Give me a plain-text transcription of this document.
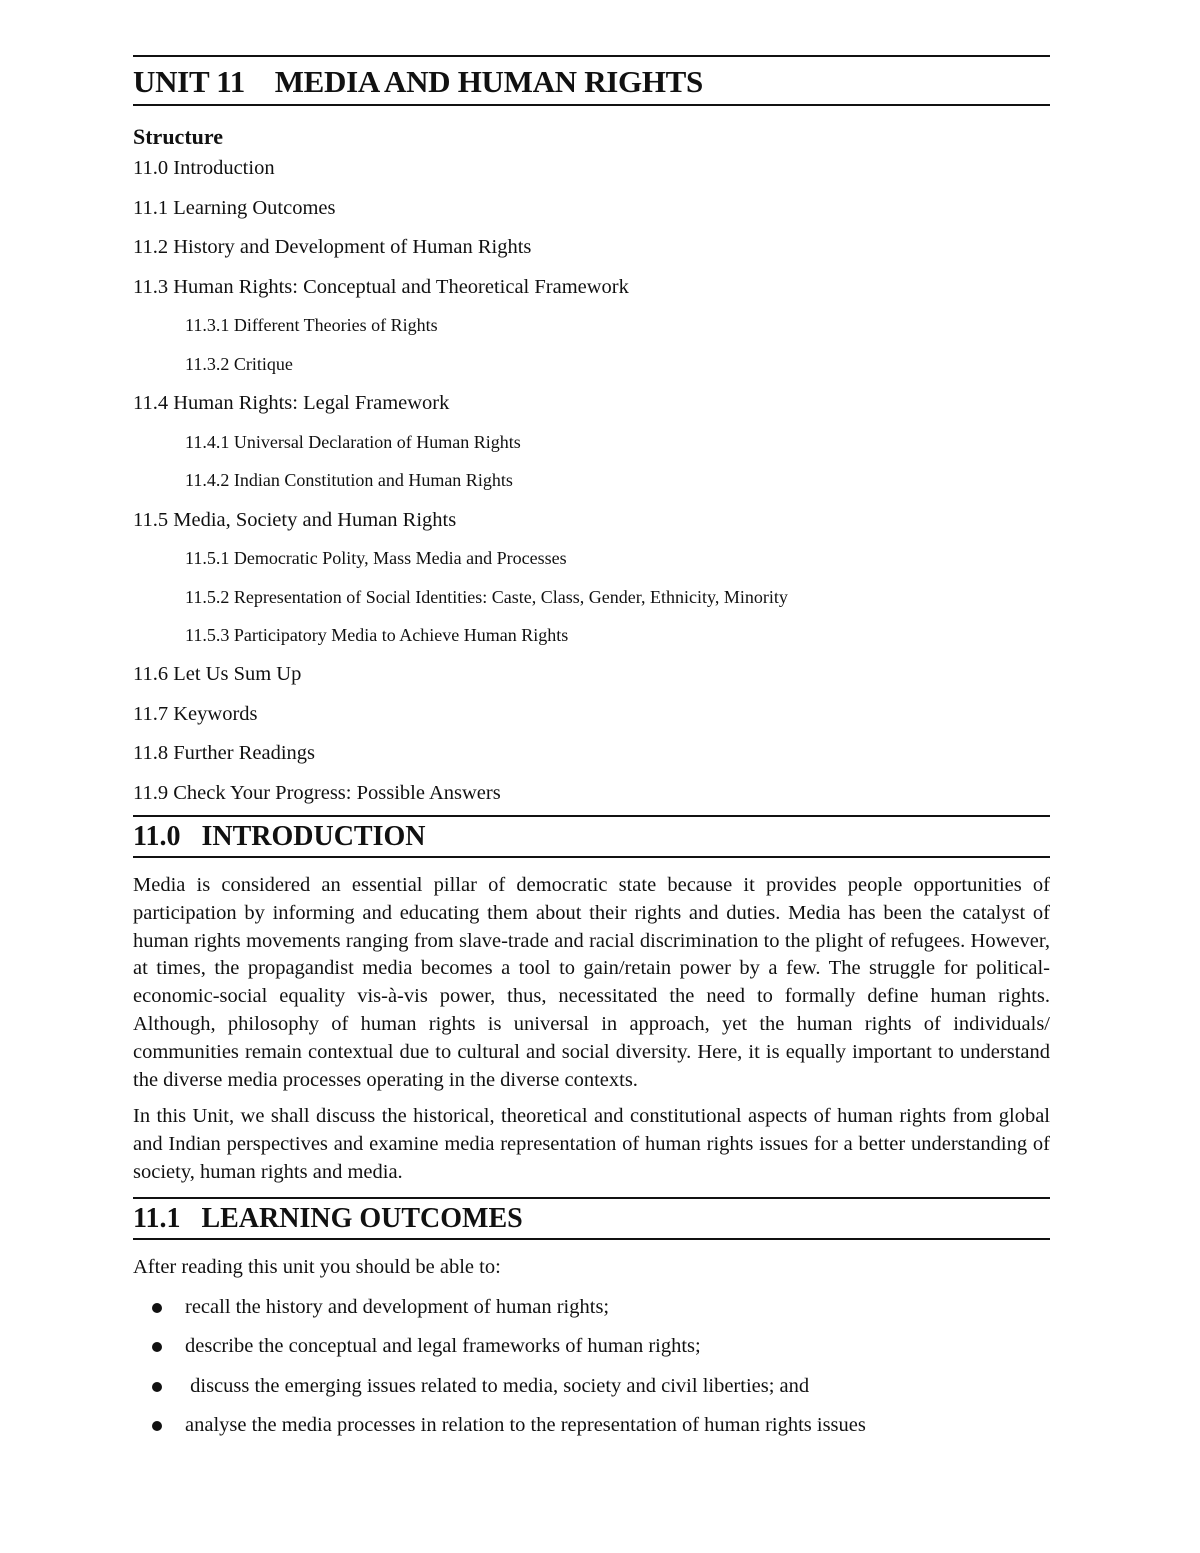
UNIT 11    MEDIA AND HUMAN RIGHTS
Structure
11.0 Introduction
11.1 Learning Outcomes
11.2 History and Development of Human Rights
11.3 Human Rights: Conceptual and Theoretical Framework
11.3.1 Different Theories of Rights
11.3.2 Critique
11.4 Human Rights: Legal Framework
11.4.1 Universal Declaration of Human Rights
11.4.2 Indian Constitution and Human Rights
11.5 Media, Society and Human Rights
11.5.1 Democratic Polity, Mass Media and Processes
11.5.2 Representation of Social Identities: Caste, Class, Gender, Ethnicity, Minority
11.5.3 Participatory Media to Achieve Human Rights
11.6 Let Us Sum Up
11.7 Keywords
11.8 Further Readings
11.9 Check Your Progress: Possible Answers
11.0   INTRODUCTION

Media is considered an essential pillar of democratic state because it provides people opportunities of participation by informing and educating them about their rights and duties. Media has been the catalyst of human rights movements ranging from slave-trade and racial discrimination to the plight of refugees. However, at times, the propagandist media becomes a tool to gain/retain power by a few. The struggle for political-economic-social equality vis-à-vis power, thus, necessitated the need to formally define human rights. Although, philosophy of human rights is universal in approach, yet the human rights of individuals/ communities remain contextual due to cultural and social diversity. Here, it is equally important to understand the diverse media processes operating in the diverse contexts.

In this Unit, we shall discuss the historical, theoretical and constitutional aspects of human rights from global and Indian perspectives and examine media representation of human rights issues for a better understanding of society, human rights and media.

11.1   LEARNING OUTCOMES

After reading this unit you should be able to:

recall the history and development of human rights;
describe the conceptual and legal frameworks of human rights;
discuss the emerging issues related to media, society and civil liberties; and
analyse the media processes in relation to the representation of human rights issues
